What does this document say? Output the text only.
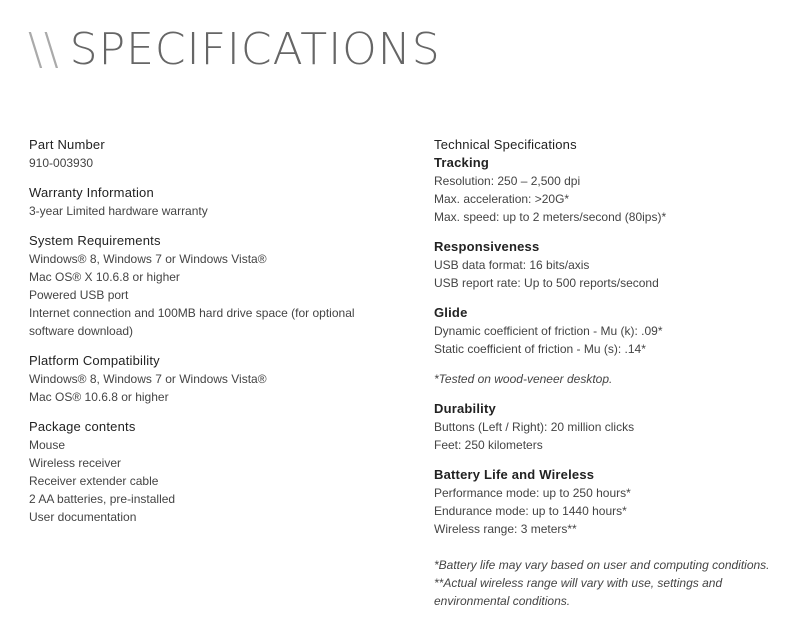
\\ SPECIFICATIONS
Part Number
910-003930
Warranty Information
3-year Limited hardware warranty
System Requirements
Windows® 8, Windows 7 or Windows Vista®
Mac OS® X 10.6.8 or higher
Powered USB port
Internet connection and 100MB hard drive space (for optional
software download)
Platform Compatibility
Windows® 8, Windows 7 or Windows Vista®
Mac OS® 10.6.8 or higher
Package contents
Mouse
Wireless receiver
Receiver extender cable
2 AA batteries, pre-installed
User documentation
Technical Specifications
Tracking
Resolution: 250 – 2,500 dpi
Max. acceleration: >20G*
Max. speed: up to 2 meters/second (80ips)*
Responsiveness
USB data format: 16 bits/axis
USB report rate: Up to 500 reports/second
Glide
Dynamic coefficient of friction - Mu (k): .09*
Static coefficient of friction - Mu (s): .14*
*Tested on wood-veneer desktop.
Durability
Buttons (Left / Right): 20 million clicks
Feet: 250 kilometers
Battery Life and Wireless
Performance mode: up to 250 hours*
Endurance mode: up to 1440 hours*
Wireless range: 3 meters**
*Battery life may vary based on user and computing conditions.
**Actual wireless range will vary with use, settings and
environmental conditions.
